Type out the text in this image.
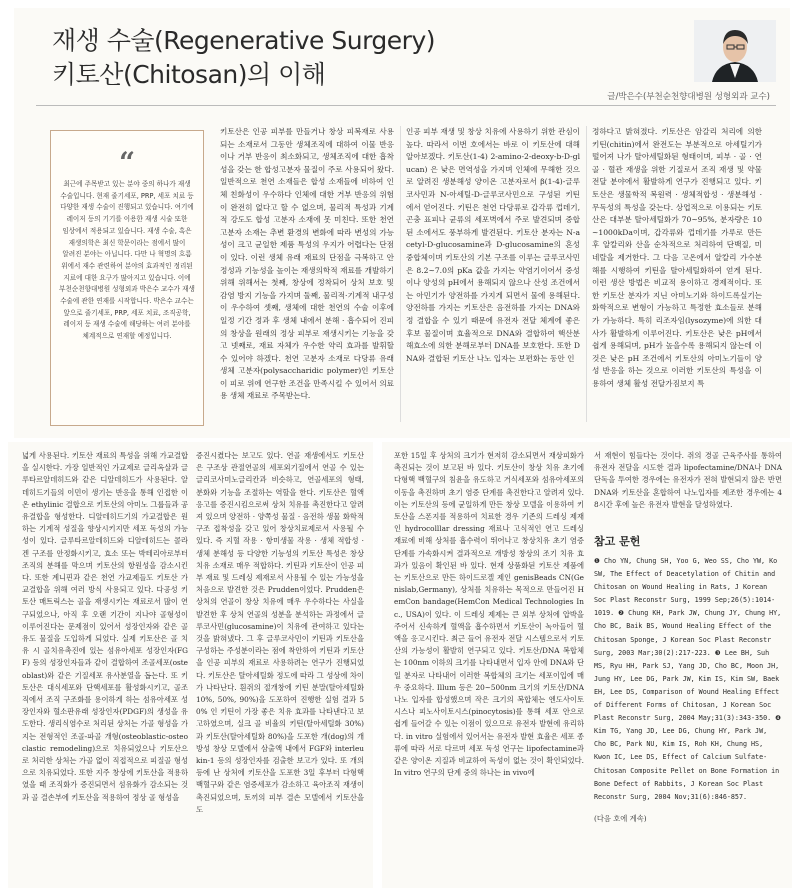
재생 수술(Regenerative Surgery)
키토산(Chitosan)의 이해
글/박은수(부천순천향대병원 성형외과 교수)
“
최근에 주목받고 있는 분야 중의 하나가 재생 수술입니다. 현재 줄기세포, PRP, 세포 치료 등 다양한 재생 수술이 진행되고 있습니다. 여기에 레이저 등의 기기를 이용한 재생 시술 또한 임상에서 적용되고 있습니다. 재생 수술, 혹은 재생의학은 최신 학문이라는 점에서 많이 알려진 분야는 아닙니다. 다만 나 혁명의 흐름 위에서 재수 관련하여 분야의 효과적인 정리된 지료에 대한 요구가 많아지고 있습니다. 이에 부천순천향대병원 성형외과 박은수 교수가 재생 수술에 관한 연재를 시작합니다. 박은수 교수는 앞으로 줄기세포, PRP, 세포 치료, 조직공학, 레이저 등 재생 수술에 해당하는 여러 분야를 체계적으로 연재할 예정입니다.

키토산은 인공 피부를 만들거나 창상 피복재로 사용되는 소재로서 그동안 생체조직에 대하여 이물 반응이나 거부 반응이 최소화되고, 생체조직에 대한 흡착성을 갖는 한 합성고분자 물질이 주로 사용되어 왔다. 일반적으로 천연 소재들은 합성 소재들에 비하여 인체 친화성이 우수하다 인체에 대한 거부 반응의 위험이 완전히 없다고 할 수 없으며, 물리적 특성과 기계적 강도도 합성 고분자 소재에 못 미친다. 또한 천연 고분자 소재는 추변 환경의 변화에 따라 변성의 가능성이 크고 균일한 제품 특성의 우지가 어렵다는 단점이 있다. 이런 생체 유래 재료의 단점을 극복하고 안정성과 기능성을 높이는 재생의학적 재료를 개발하기 위해 위해서는 첫째, 창상에 정착되어 상처 보호 및 감염 방지 기능을 가지며 둘째, 물리적·기계적 내구성이 우수하여 셋째, 생체에 대한 천연의 수술 이후에 일정 기간 정과 후 생체 내에서 분해 · 흡수되어 진피의 창상을 원래의 정상 피부로 재생시키는 기능을 갖고 넷째로, 재료 자체가 우수한 약리 효과를 발휘할 수 있어야 하겠다. 천연 고분자 소재로 다당류 유래 생체 고분자(polysaccharidic polymer)인 키토산이 피로 위에 연구한 조건을 만족시킬 수 있어서 의료용 생체 재료로 주목받는다.

인공 피부 재생 및 창상 치유에 사용하기 위한 관심이 높다. 따라서 이번 호에서는 바로 이 키토산에 대해 알아보겠다. 키토산(1-4) 2-amino-2-deoxy-b-D-glucan) 은 낮은 면역성을 가지며 인체에 무해한 것으로 알려진 생분해성 양이온 고분자로서 β(1-4)-글루코사민과 N-아세틸-D-글루코사민으로 구성된 키틴에서 얻어진다. 키틴은 천연 다당류로 갑각류 껍데기, 곤충 표피나 균류의 세포벽에서 주로 발견되며 중합된 소에서도 풍부하게 발견된다. 키토산 분자는 N-acetyl-D-glucosamine과 D-glucosamine의 혼성 중합체이며 키토산의 기본 구조를 이루는 글루코사민은 8.2~7.0의 pKa 값을 가지는 약염기이어서 중성이나 양성의 pH에서 용해되지 않으나 산성 조건에서는 아민기가 양전하를 가지게 되면서 물에 용해된다. 양전하를 가지는 키토산은 음전하를 가지는 DNA와 정 결합을 수 있기 때문에 유전자 전달 체계에 좋은 후보 물질이며 효율적으로 DNA와 결합하여 핵산분해효소에 의한 분해로부터 DNA를 보호한다. 또한 DNA와 결합된 키토산 나노 입자는 보편화는 동안 인

정하다고 밝혀졌다. 키토산은 암갈리 처리에 의한 키틴(chitin)에서 완전도는 부분적으로 아세틸기가 떨어져 나가 탈아세틸화된 형태이며, 피부 · 골 · 연골 · 혈관 재생을 위한 기질로서 조직 재생 및 약물 전달 분야에서 활발하게 연구가 진행되고 있다. 키토산은 생물학적 복원력 · 생체적합성 · 생분해성 · 무독성의 특성을 갖는다. 상업적으로 이용되는 키토산은 대부분 탈아세틸화가 70~95%, 분자량은 10~1000kDa이며, 갑각류와 껍데기를 가루로 만든 후 알칼리와 산을 순차적으로 처리하여 단백질, 미네랄을 제거한다. 그 다음 고온에서 알칼리 가수분해를 시행하여 키틴을 탈아세틸화하여 얻게 된다. 이런 생산 방법은 비교적 용이하고 경제적이다. 또한 키토산 분자가 지닌 아미노기와 하이드록실기는 화학적으로 변형이 가능하고 특정한 효소들로 분해가 가능하다. 특히 리조자임(lysozyme)에 의한 대사가 활발하게 이루어진다. 키토산은 낮은 pH에서 쉽게 용해되며, pH가 높을수록 용해되지 않는데 이것은 낮은 pH 조건에서 키토산의 아미노기들이 양성 반응을 하는 것으로 이러한 키토산의 특성을 이용하여 생체 활성 전달가짐보지 특

넓게 사용된다. 키토산 재료의 특성을 위해 가교결합을 실시한다. 가장 일반적인 가교제로 글리옥살과 글루타르알데히드와 같은 디알데히드가 사용된다. 알데히드기들의 이민이 생기는 반응을 통해 인접한 이온 ethylinic 결합으로 키토산의 아미노 그룹들과 공유결합을 형성한다. 디알데히드기의 가교결합은 원하는 기계적 성질을 향상시키지만 세포 독성의 가능성이 있다. 글루타르알데히드와 디알데히드는 콜라겐 구조를 안정화시키고, 효소 또는 박테리아로부터 조직의 분해를 막으며 키토산의 항원성을 감소시킨다. 또한 계니핀과 같은 천연 가교제들도 키토산 가교결합을 위해 여러 방식 사용되고 있다. 다공성 키토산 매트릭스는 골을 재생시키는 재료로서 많이 연구되었으나, 아직 후 오랜 기간이 지나야 골형성이 이루어진다는 문제점이 있어서 성장인자와 같은 골유도 물질을 도입하게 되었다. 실제 키토산은 골 치유 시 골치유촉진에 있는 섬유아세포 성장인자(FGF) 등의 성장인자들과 같이 결합하여 조골세포(osteoblast)와 같은 기질세포 유사분열을 돕는다. 또 키토산은 대식세포와 단핵세포를 활성화시키고, 골조직에서 조직 구조화를 용이하게 하는 섬유아세포 성장인자와 혈소판유래 성장인자(PDGF)의 생성을 유도한다. 생리식염수로 처리된 상처는 가골 형성을 가지는 전형적인 조골-파골 개형(osteoblastic-osteoclastic remodeling)으로 치유되었으나 키토산으로 처리한 상처는 가골 없이 직접적으로 피질골 형성으로 치유되었다. 또한 지주 창상에 키토산을 적용하였을 때 조직화가 증진되면서 섬유화가 감소되는 것과 골 결손부에 키토산을 적용하여 정상 골 형성을

증진시켰다는 보고도 있다. 연골 재생에서도 키토산은 구조상 관절연골의 세포외기질에서 연골 수 있는 글리코사미노글리칸과 비슷하고, 연골세포의 형태, 분화와 기능을 조절하는 역할을 한다. 키토산은 혈액 응고를 증진시킴으로써 상처 치유를 촉진한다고 알려져 있으며 양전하 · 양쪽성 물질 · 음전하 생물 화학적 구조 접착성을 갖고 있어 창상치료제로서 사용될 수 있다. 즉 지혈 작용 · 항미생물 작용 · 생체 적합성 · 생체 분해성 등 다양한 기능성의 키토산 특성은 창상 치유 소재로 매우 적합하다. 키틴과 키토산이 인공 피부 재료 및 드레싱 제재로서 사용될 수 있는 가능성을 처음으로 발견한 것은 Prudden이었다. Prudden은 상처의 연골이 창상 치유에 매우 우수하다는 사실을 발견한 후 상처 연골의 성분을 분석하는 과정에서 글루코사민(glucosamine)이 치유에 관여하고 있다는 것을 밝혀냈다. 그 후 글루코사민이 키틴과 키토산을 구성하는 주성분이라는 점에 착안하여 키틴과 키토산을 인공 피부의 재료로 사용하려는 연구가 진행되었다. 키토산은 탈아세틸화 정도에 따라 그 성상에 차이가 나타난다. 흰쥐의 절개창에 키틴 분말(탈아세틸화 10%, 50%, 90%)을 도포하여 진행한 실험 결과 50% 인 키틴이 가장 좋은 치유 효과를 나타낸다고 보고하였으며, 실크 골 비율의 키틴(탈아세틸화 30%)과 키토산(탈아세틸화 80%)을 도포한 개(dog)의 개방성 창상 모델에서 삼출액 내에서 FGF와 interleukin-1 등의 성장인자를 검출한 보고가 있다. 또 개의 등에 난 상처에 키토산을 도포한 3일 후부터 다형핵 백혈구와 같은 염증세포가 감소하고 육아조직 재생이 촉진되었으며, 토끼의 피부 결손 모델에서 키토산을 도

포한 15일 후 상처의 크기가 현저히 감소되면서 재상피화가 촉진되는 것이 보고된 바 있다. 키토산이 창상 치유 초기에 다형핵 백혈구의 침윤을 유도하고 거식세포와 섬유아세포의 이동을 촉진하며 초기 염증 단계를 촉진한다고 알려져 있다. 이는 키토산의 등에 균일하게 만든 창상 모델을 이용하여 키토산을 스폰지를 적용하여 치료한 경우 기존의 드레싱 제재인 hydrocolllar dressing 재료나 고식적인 연고 드레싱 재료에 비해 상처를 흡수력이 뛰어나고 창상치유 초기 염증 단계를 가속화시켜 결과적으로 개방성 창상의 조기 치유 효과가 있음이 확인된 바 있다. 현재 상품화된 키토산 제품에는 키토산으로 만든 하이드로겔 제인 genisBeads CN(Genislab,Germany), 상처를 치유하는 목적으로 만들어진 HemCon bandage(HemCon Medical Technologies Inc., USA)이 있다. 이 드레싱 제제는 큰 외부 상처에 압박을 주어서 신속하게 혈액을 흡수하면서 키토산이 녹아들어 혈액을 응고시킨다. 최근 들어 유전자 전달 시스템으로서 키토산의 가능성이 활발히 연구되고 있다. 키토산/DNA 복합체는 100nm 이하의 크기를 나타내면서 입자 안에 DNA와 단일 분자로 나타내어 이러한 복합체의 크기는 세포이입에 매우 중요하다. Illum 등은 20~500nm 크기의 키토산/DNA 나노 입자를 합성했으며 작은 크기의 복합체는 엔도사이토시스나 피노사이토시스(pinocytosis)를 통해 세포 안으로 쉽게 들어갈 수 있는 이점이 있으므로 유전자 발현에 유리하다. in vitro 실험에서 있어서는 유전자 발현 효율은 세포 종류에 따라 서로 다르며 세포 독성 연구는 lipofectamine과 같은 양이온 지질과 비교하여 독성이 없는 것이 확인되었다. In vitro 연구의 단계 중의 하나는 in vivo에

서 재현이 힘들다는 것이다. 쥐의 경골 근육주사를 통하여 유전자 전달을 시도한 결과 lipofectamine/DNA나 DNA 단독을 투여한 경우에는 유전자가 전혀 발현되지 않은 반면 DNA와 키토산을 혼합하여 나노입자를 제조한 경우에는 48시간 후에 높은 유전자 발현을 달성하였다.
참고 문헌
❶ Cho YN, Chung SH, Yoo G, Weo SS, Cho YW, Ko SW, The Effect of Deacetylation of Chitin and Chitosan on Wound Healing in Rats, J Korean Soc Plast Reconstr Surg, 1999 Sep;26(5):1014-1019. ❷ Chung KH, Park JW, Chung JY, Chung HY, Cho BC, Baik BS, Wound Healing Effect of the Chitosan Sponge, J Korean Soc Plast Reconstr Surg, 2003 Mar;30(2):217-223. ❸ Lee BH, Suh MS, Ryu HH, Park SJ, Yang JD, Cho BC, Moon JH, Jung HY, Lee DG, Park JW, Kim IS, Kim SW, Baek EH, Lee DS, Comparison of Wound Healing Effect of Different Forms of Chitosan, J Korean Soc Plast Reconstr Surg, 2004 May;31(3):343-350. ❹ Kim TG, Yang JD, Lee DG, Chung HY, Park JW, Cho BC, Park NU, Kim IS, Roh KH, Chung HS, Kwon IC, Lee DS, Effect of Calcium Sulfate-Chitosan Composite Pellet on Bone Formation in Bone Defect of Rabbits, J Korean Soc Plast Reconstr Surg, 2004 Nov;31(6):846-857.
(다음 호에 계속)
